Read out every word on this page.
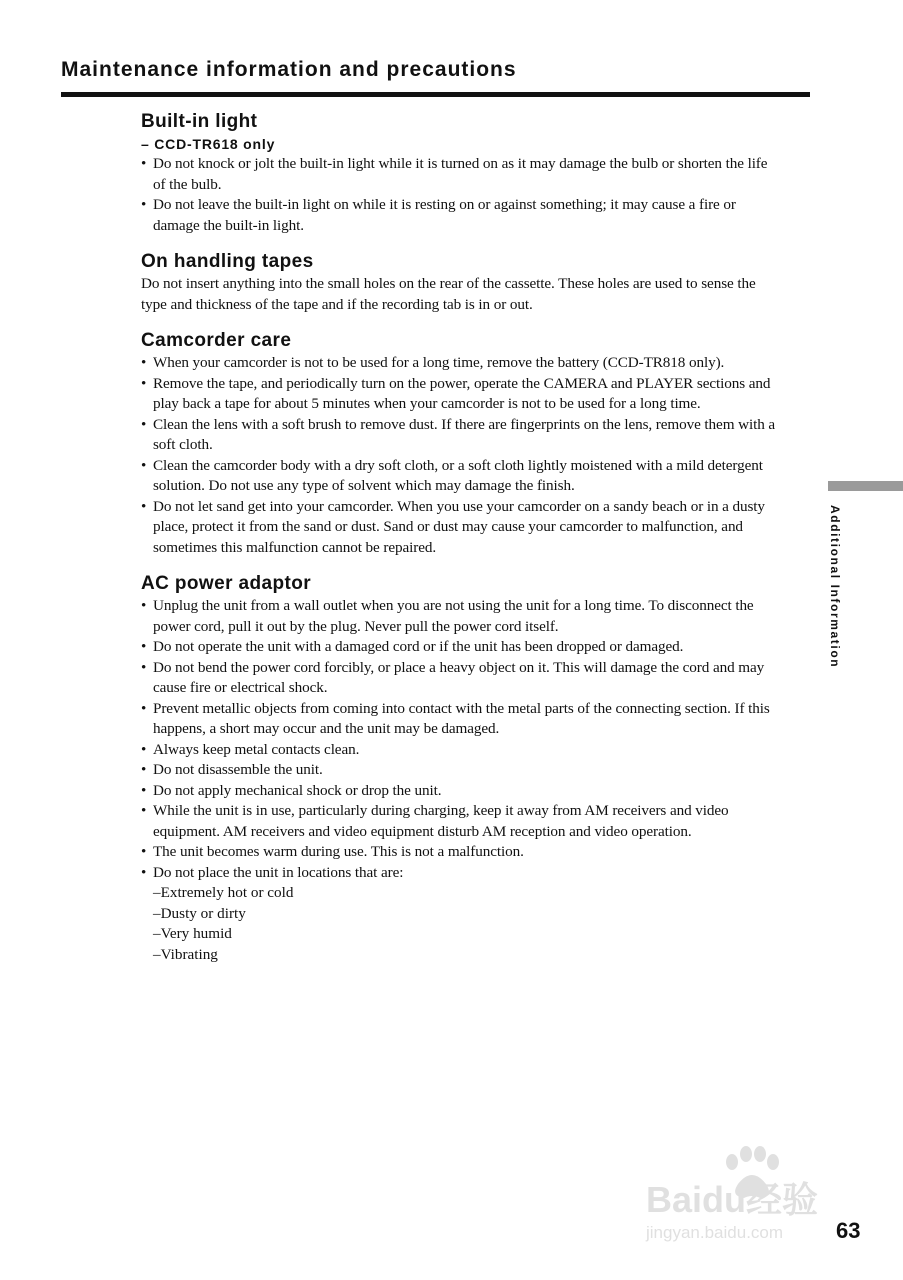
Maintenance information and precautions
Built-in light
– CCD-TR618 only
• Do not knock or jolt the built-in light while it is turned on as it may damage the bulb or shorten the life of the bulb.
• Do not leave the built-in light on while it is resting on or against something; it may cause a fire or damage the built-in light.
On handling tapes

Do not insert anything into the small holes on the rear of the cassette. These holes are used to sense the type and thickness of the tape and if the recording tab is in or out.

Camcorder care
• When your camcorder is not to be used for a long time, remove the battery (CCD-TR818 only).
• Remove the tape, and periodically turn on the power, operate the CAMERA and PLAYER sections and play back a tape for about 5 minutes when your camcorder is not to be used for a long time.
• Clean the lens with a soft brush to remove dust. If there are fingerprints on the lens, remove them with a soft cloth.
• Clean the camcorder body with a dry soft cloth, or a soft cloth lightly moistened with a mild detergent solution. Do not use any type of solvent which may damage the finish.
• Do not let sand get into your camcorder. When you use your camcorder on a sandy beach or in a dusty place, protect it from the sand or dust. Sand or dust may cause your camcorder to malfunction, and sometimes this malfunction cannot be repaired.
AC power adaptor
• Unplug the unit from a wall outlet when you are not using the unit for a long time. To disconnect the power cord, pull it out by the plug. Never pull the power cord itself.
• Do not operate the unit with a damaged cord or if the unit has been dropped or damaged.
• Do not bend the power cord forcibly, or place a heavy object on it. This will damage the cord and may cause fire or electrical shock.
• Prevent metallic objects from coming into contact with the metal parts of the connecting section. If this happens, a short may occur and the unit may be damaged.
• Always keep metal contacts clean.
• Do not disassemble the unit.
• Do not apply mechanical shock or drop the unit.
• While the unit is in use, particularly during charging, keep it away from AM receivers and video equipment. AM receivers and video equipment disturb AM reception and video operation.
• The unit becomes warm during use. This is not a malfunction.
• Do not place the unit in locations that are:
–Extremely hot or cold
–Dusty or dirty
–Very humid
–Vibrating
Additional Information
Baidu经验
jingyan.baidu.com 63
